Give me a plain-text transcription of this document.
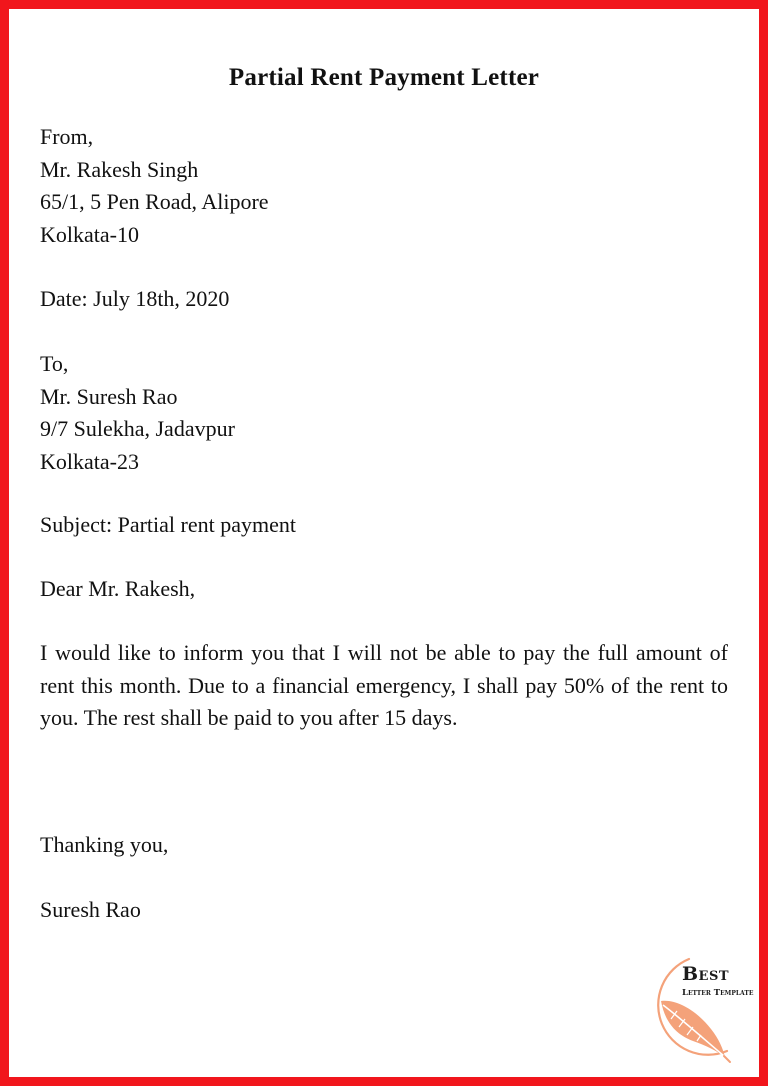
Partial Rent Payment Letter
From,
Mr. Rakesh Singh
65/1, 5 Pen Road, Alipore
Kolkata-10
Date: July 18th, 2020
To,
Mr. Suresh Rao
9/7 Sulekha, Jadavpur
Kolkata-23
Subject: Partial rent payment
Dear Mr. Rakesh,
I would like to inform you that I will not be able to pay the full amount of rent this month. Due to a financial emergency, I shall pay 50% of the rent to you. The rest shall be paid to you after 15 days.
Thanking you,
Suresh Rao
Best
Letter Template
